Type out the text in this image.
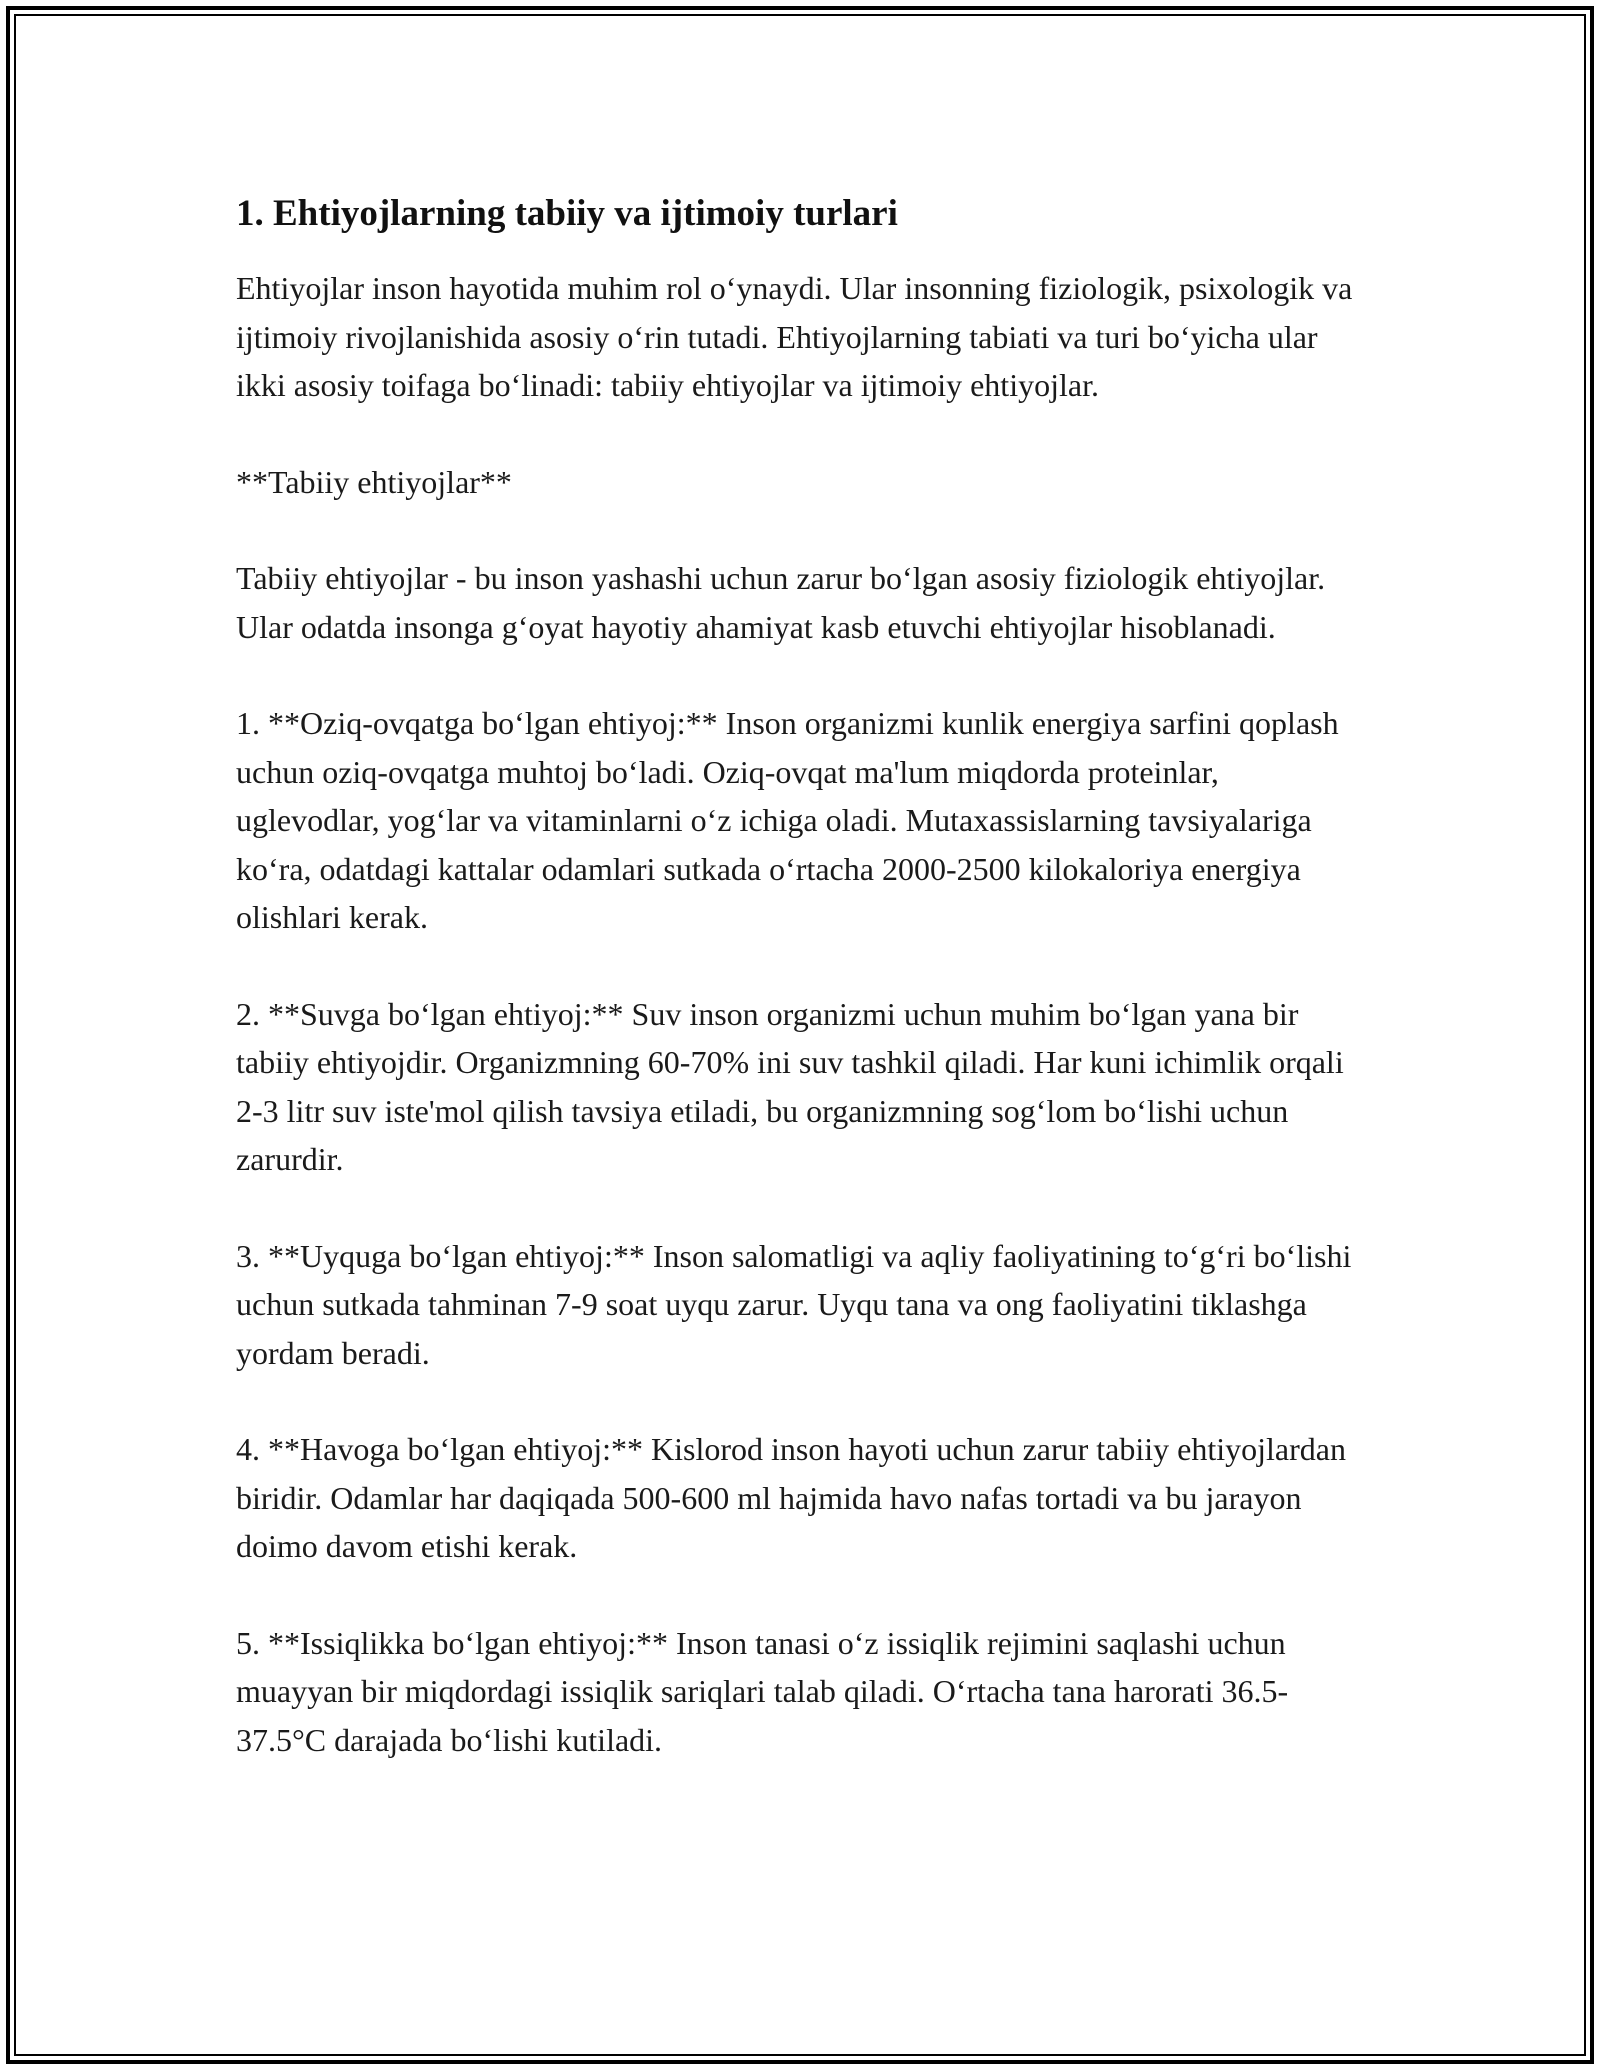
1. Ehtiyojlarning tabiiy va ijtimoiy turlari

Ehtiyojlar inson hayotida muhim rol o‘ynaydi. Ular insonning fiziologik, psixologik va ijtimoiy rivojlanishida asosiy o‘rin tutadi. Ehtiyojlarning tabiati va turi bo‘yicha ular ikki asosiy toifaga bo‘linadi: tabiiy ehtiyojlar va ijtimoiy ehtiyojlar.

**Tabiiy ehtiyojlar**

Tabiiy ehtiyojlar - bu inson yashashi uchun zarur bo‘lgan asosiy fiziologik ehtiyojlar. Ular odatda insonga g‘oyat hayotiy ahamiyat kasb etuvchi ehtiyojlar hisoblanadi.

1. **Oziq-ovqatga bo‘lgan ehtiyoj:** Inson organizmi kunlik energiya sarfini qoplash uchun oziq-ovqatga muhtoj bo‘ladi. Oziq-ovqat ma'lum miqdorda proteinlar, uglevodlar, yog‘lar va vitaminlarni o‘z ichiga oladi. Mutaxassislarning tavsiyalariga ko‘ra, odatdagi kattalar odamlari sutkada o‘rtacha 2000-2500 kilokaloriya energiya olishlari kerak.

2. **Suvga bo‘lgan ehtiyoj:** Suv inson organizmi uchun muhim bo‘lgan yana bir tabiiy ehtiyojdir. Organizmning 60-70% ini suv tashkil qiladi. Har kuni ichimlik orqali 2-3 litr suv iste'mol qilish tavsiya etiladi, bu organizmning sog‘lom bo‘lishi uchun zarurdir.

3. **Uyquga bo‘lgan ehtiyoj:** Inson salomatligi va aqliy faoliyatining to‘g‘ri bo‘lishi uchun sutkada tahminan 7-9 soat uyqu zarur. Uyqu tana va ong faoliyatini tiklashga yordam beradi.

4. **Havoga bo‘lgan ehtiyoj:** Kislorod inson hayoti uchun zarur tabiiy ehtiyojlardan biridir. Odamlar har daqiqada 500-600 ml hajmida havo nafas tortadi va bu jarayon doimo davom etishi kerak.

5. **Issiqlikka bo‘lgan ehtiyoj:** Inson tanasi o‘z issiqlik rejimini saqlashi uchun muayyan bir miqdordagi issiqlik sariqlari talab qiladi. O‘rtacha tana harorati 36.5-37.5°C darajada bo‘lishi kutiladi.
